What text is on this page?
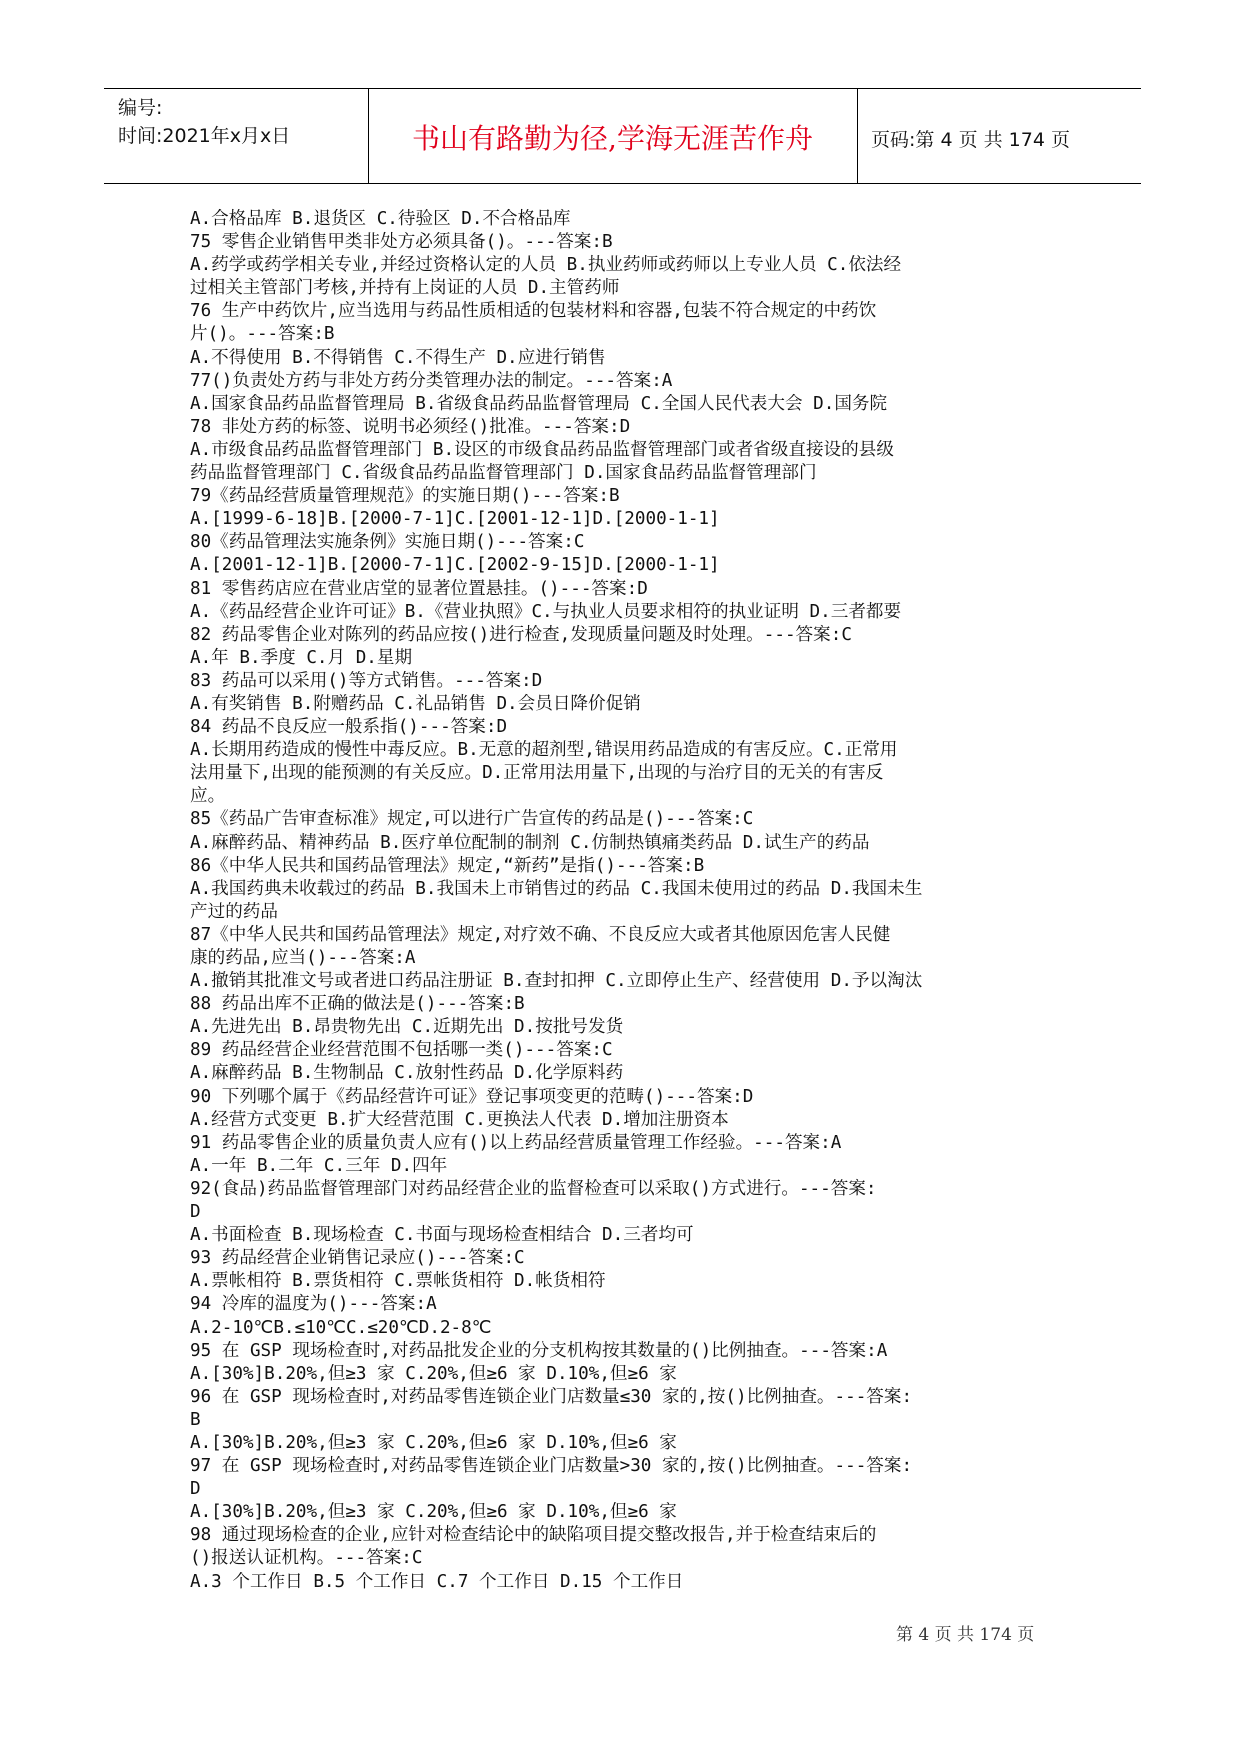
编号:
时间:2021年x月x日	书山有路勤为径,学海无涯苦作舟	页码:第 4 页 共 174 页
A.合格品库 B.退货区 C.待验区 D.不合格品库
75 零售企业销售甲类非处方必须具备()。---答案:B
A.药学或药学相关专业,并经过资格认定的人员 B.执业药师或药师以上专业人员 C.依法经
过相关主管部门考核,并持有上岗证的人员 D.主管药师
76 生产中药饮片,应当选用与药品性质相适的包装材料和容器,包装不符合规定的中药饮
片()。---答案:B
A.不得使用 B.不得销售 C.不得生产 D.应进行销售
77()负责处方药与非处方药分类管理办法的制定。---答案:A
A.国家食品药品监督管理局 B.省级食品药品监督管理局 C.全国人民代表大会 D.国务院
78 非处方药的标签、说明书必须经()批准。---答案:D
A.市级食品药品监督管理部门 B.设区的市级食品药品监督管理部门或者省级直接设的县级
药品监督管理部门 C.省级食品药品监督管理部门 D.国家食品药品监督管理部门
79《药品经营质量管理规范》的实施日期()---答案:B
A.[1999-6-18]B.[2000-7-1]C.[2001-12-1]D.[2000-1-1]
80《药品管理法实施条例》实施日期()---答案:C
A.[2001-12-1]B.[2000-7-1]C.[2002-9-15]D.[2000-1-1]
81 零售药店应在营业店堂的显著位置悬挂。()---答案:D
A.《药品经营企业许可证》B.《营业执照》C.与执业人员要求相符的执业证明 D.三者都要
82 药品零售企业对陈列的药品应按()进行检查,发现质量问题及时处理。---答案:C
A.年 B.季度 C.月 D.星期
83 药品可以采用()等方式销售。---答案:D
A.有奖销售 B.附赠药品 C.礼品销售 D.会员日降价促销
84 药品不良反应一般系指()---答案:D
A.长期用药造成的慢性中毒反应。B.无意的超剂型,错误用药品造成的有害反应。C.正常用
法用量下,出现的能预测的有关反应。D.正常用法用量下,出现的与治疗目的无关的有害反
应。
85《药品广告审查标准》规定,可以进行广告宣传的药品是()---答案:C
A.麻醉药品、精神药品 B.医疗单位配制的制剂 C.仿制热镇痛类药品 D.试生产的药品
86《中华人民共和国药品管理法》规定,“新药”是指()---答案:B
A.我国药典未收载过的药品 B.我国未上市销售过的药品 C.我国未使用过的药品 D.我国未生
产过的药品
87《中华人民共和国药品管理法》规定,对疗效不确、不良反应大或者其他原因危害人民健
康的药品,应当()---答案:A
A.撤销其批准文号或者进口药品注册证 B.查封扣押 C.立即停止生产、经营使用 D.予以淘汰
88 药品出库不正确的做法是()---答案:B
A.先进先出 B.昂贵物先出 C.近期先出 D.按批号发货
89 药品经营企业经营范围不包括哪一类()---答案:C
A.麻醉药品 B.生物制品 C.放射性药品 D.化学原料药
90 下列哪个属于《药品经营许可证》登记事项变更的范畴()---答案:D
A.经营方式变更 B.扩大经营范围 C.更换法人代表 D.增加注册资本
91 药品零售企业的质量负责人应有()以上药品经营质量管理工作经验。---答案:A
A.一年 B.二年 C.三年 D.四年
92(食品)药品监督管理部门对药品经营企业的监督检查可以采取()方式进行。---答案:
D
A.书面检查 B.现场检查 C.书面与现场检查相结合 D.三者均可
93 药品经营企业销售记录应()---答案:C
A.票帐相符 B.票货相符 C.票帐货相符 D.帐货相符
94 冷库的温度为()---答案:A
A.2-10℃B.≤10℃C.≤20℃D.2-8℃
95 在 GSP 现场检查时,对药品批发企业的分支机构按其数量的()比例抽查。---答案:A
A.[30%]B.20%,但≥3 家 C.20%,但≥6 家 D.10%,但≥6 家
96 在 GSP 现场检查时,对药品零售连锁企业门店数量≤30 家的,按()比例抽查。---答案:
B
A.[30%]B.20%,但≥3 家 C.20%,但≥6 家 D.10%,但≥6 家
97 在 GSP 现场检查时,对药品零售连锁企业门店数量>30 家的,按()比例抽查。---答案:
D
A.[30%]B.20%,但≥3 家 C.20%,但≥6 家 D.10%,但≥6 家
98 通过现场检查的企业,应针对检查结论中的缺陷项目提交整改报告,并于检查结束后的
()报送认证机构。---答案:C
A.3 个工作日 B.5 个工作日 C.7 个工作日 D.15 个工作日
第 4 页 共 174 页
